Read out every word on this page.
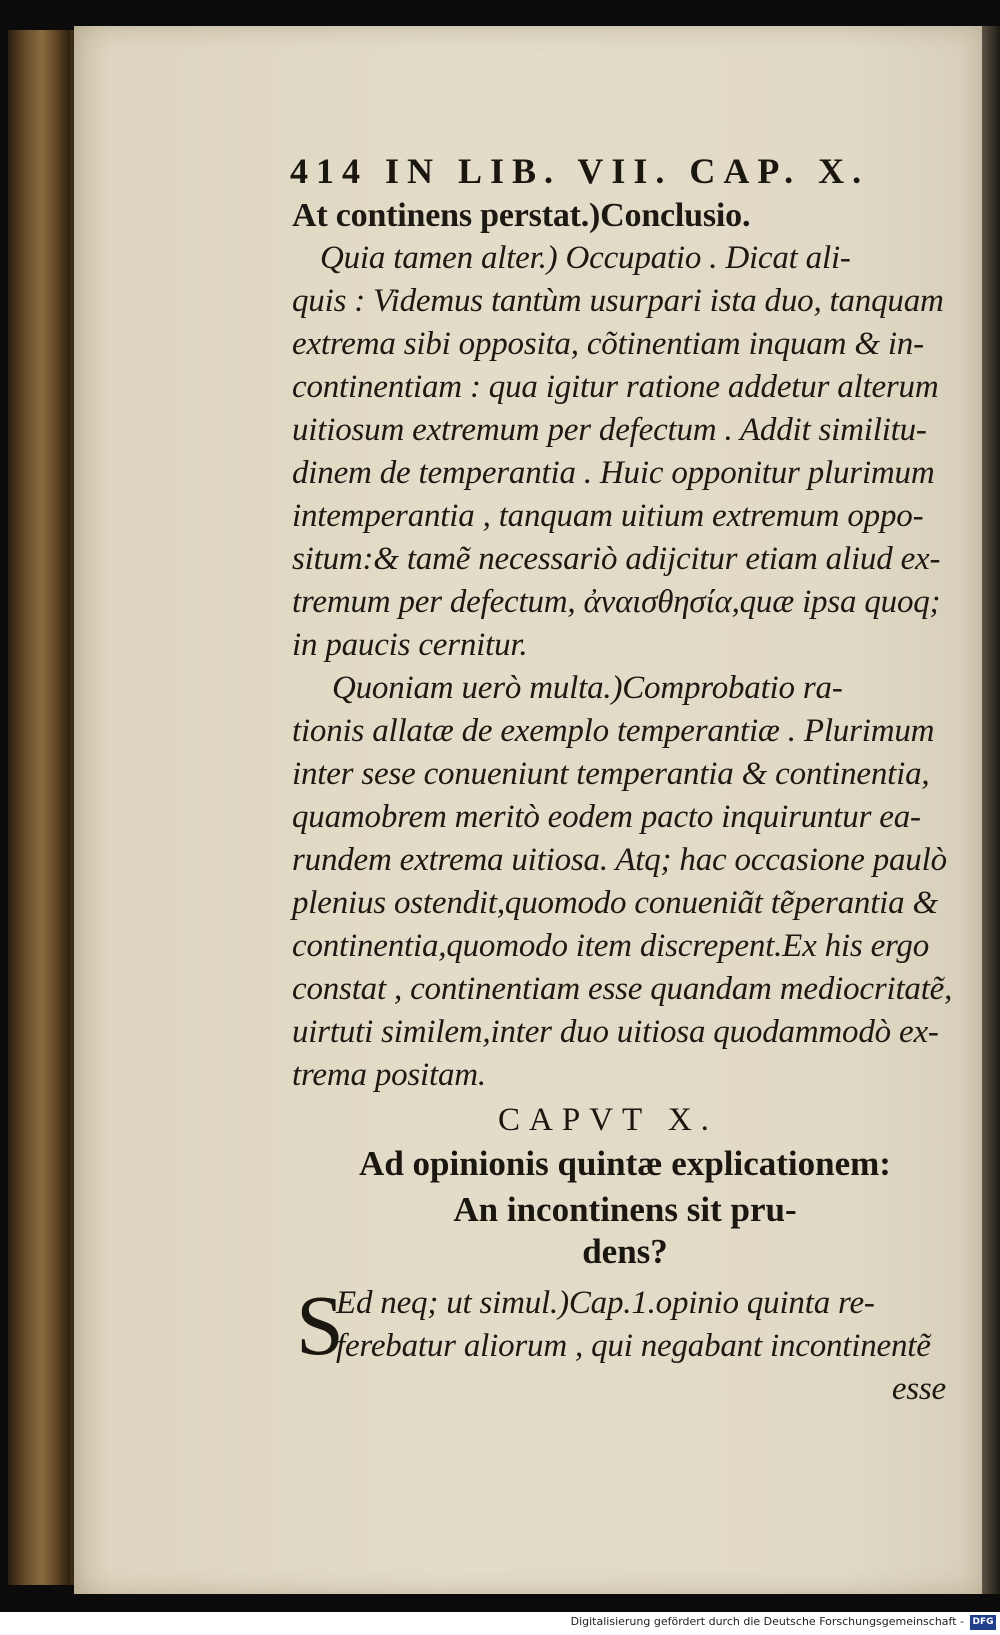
414 IN LIB. VII. CAP. X.
At continens perstat.)Conclusio.
Quia tamen alter.) Occupatio . Dicat ali-
quis : Videmus tantùm usurpari ista duo, tanquam
extrema sibi opposita, cõtinentiam inquam & in-
continentiam : qua igitur ratione addetur alterum
uitiosum extremum per defectum . Addit similitu-
dinem de temperantia . Huic opponitur plurimum
intemperantia , tanquam uitium extremum oppo-
situm:& tamẽ necessariò adijcitur etiam aliud ex-
tremum per defectum, ἀναισθησία,quæ ipsa quoq;
in paucis cernitur.
Quoniam uerò multa.)Comprobatio ra-
tionis allatæ de exemplo temperantiæ . Plurimum
inter sese conueniunt temperantia & continentia,
quamobrem meritò eodem pacto inquiruntur ea-
rundem extrema uitiosa. Atq; hac occasione paulò
plenius ostendit,quomodo conueniãt tẽperantia &
continentia,quomodo item discrepent.Ex his ergo
constat , continentiam esse quandam mediocritatẽ,
uirtuti similem,inter duo uitiosa quodammodò ex-
trema positam.
CAPVT X.
Ad opinionis quintæ explicationem:
An incontinens sit pru-
dens?
S
Ed neq; ut simul.)Cap.1.opinio quinta re-
ferebatur aliorum , qui negabant incontinentẽ
esse
Digitalisierung gefördert durch die Deutsche Forschungsgemeinschaft - DFG
